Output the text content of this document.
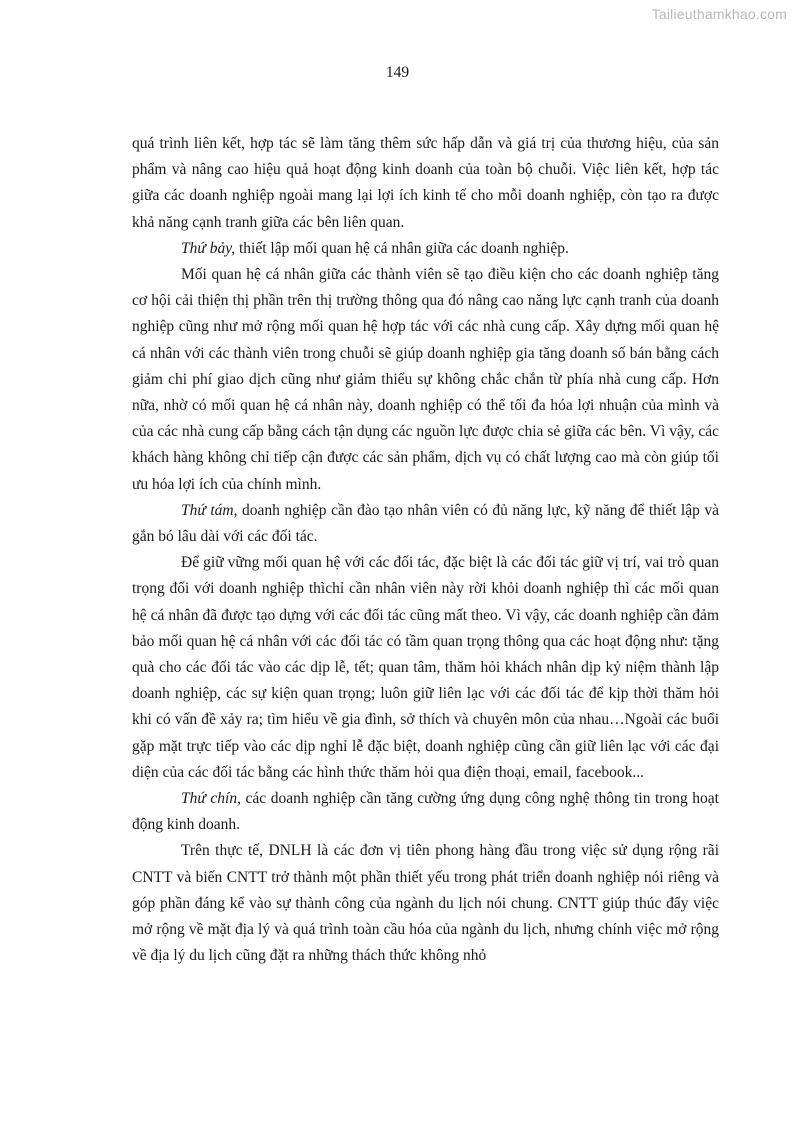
Tailieuthamkhao.com
149

quá trình liên kết, hợp tác sẽ làm tăng thêm sức hấp dẫn và giá trị của thương hiệu, của sản phẩm và nâng cao hiệu quả hoạt động kinh doanh của toàn bộ chuỗi. Việc liên kết, hợp tác giữa các doanh nghiệp ngoài mang lại lợi ích kinh tế cho mỗi doanh nghiệp, còn tạo ra được khả năng cạnh tranh giữa các bên liên quan.

Thứ bảy, thiết lập mối quan hệ cá nhân giữa các doanh nghiệp.

Mối quan hệ cá nhân giữa các thành viên sẽ tạo điều kiện cho các doanh nghiệp tăng cơ hội cải thiện thị phần trên thị trường thông qua đó nâng cao năng lực cạnh tranh của doanh nghiệp cũng như mở rộng mối quan hệ hợp tác với các nhà cung cấp. Xây dựng mối quan hệ cá nhân với các thành viên trong chuỗi sẽ giúp doanh nghiệp gia tăng doanh số bán bằng cách giảm chi phí giao dịch cũng như giảm thiểu sự không chắc chắn từ phía nhà cung cấp. Hơn nữa, nhờ có mối quan hệ cá nhân này, doanh nghiệp có thể tối đa hóa lợi nhuận của mình và của các nhà cung cấp bằng cách tận dụng các nguồn lực được chia sẻ giữa các bên. Vì vậy, các khách hàng không chỉ tiếp cận được các sản phẩm, dịch vụ có chất lượng cao mà còn giúp tối ưu hóa lợi ích của chính mình.

Thứ tám, doanh nghiệp cần đào tạo nhân viên có đủ năng lực, kỹ năng để thiết lập và gắn bó lâu dài với các đối tác.

Để giữ vững mối quan hệ với các đối tác, đặc biệt là các đối tác giữ vị trí, vai trò quan trọng đối với doanh nghiệp thìchỉ cần nhân viên này rời khỏi doanh nghiệp thì các mối quan hệ cá nhân đã được tạo dựng với các đối tác cũng mất theo. Vì vậy, các doanh nghiệp cần đảm bảo mối quan hệ cá nhân với các đối tác có tầm quan trọng thông qua các hoạt động như: tặng quà cho các đối tác vào các dịp lễ, tết; quan tâm, thăm hỏi khách nhân dịp kỷ niệm thành lập doanh nghiệp, các sự kiện quan trọng; luôn giữ liên lạc với các đối tác để kịp thời thăm hỏi khi có vấn đề xảy ra; tìm hiểu về gia đình, sở thích và chuyên môn của nhau…Ngoài các buổi gặp mặt trực tiếp vào các dịp nghỉ lễ đặc biệt, doanh nghiệp cũng cần giữ liên lạc với các đại diện của các đối tác bằng các hình thức thăm hỏi qua điện thoại, email, facebook...

Thứ chín, các doanh nghiệp cần tăng cường ứng dụng công nghệ thông tin trong hoạt động kinh doanh.

Trên thực tế, DNLH là các đơn vị tiên phong hàng đầu trong việc sử dụng rộng rãi CNTT và biến CNTT trở thành một phần thiết yếu trong phát triển doanh nghiệp nói riêng và góp phần đáng kể vào sự thành công của ngành du lịch nói chung. CNTT giúp thúc đẩy việc mở rộng về mặt địa lý và quá trình toàn cầu hóa của ngành du lịch, nhưng chính việc mở rộng về địa lý du lịch cũng đặt ra những thách thức không nhỏ
